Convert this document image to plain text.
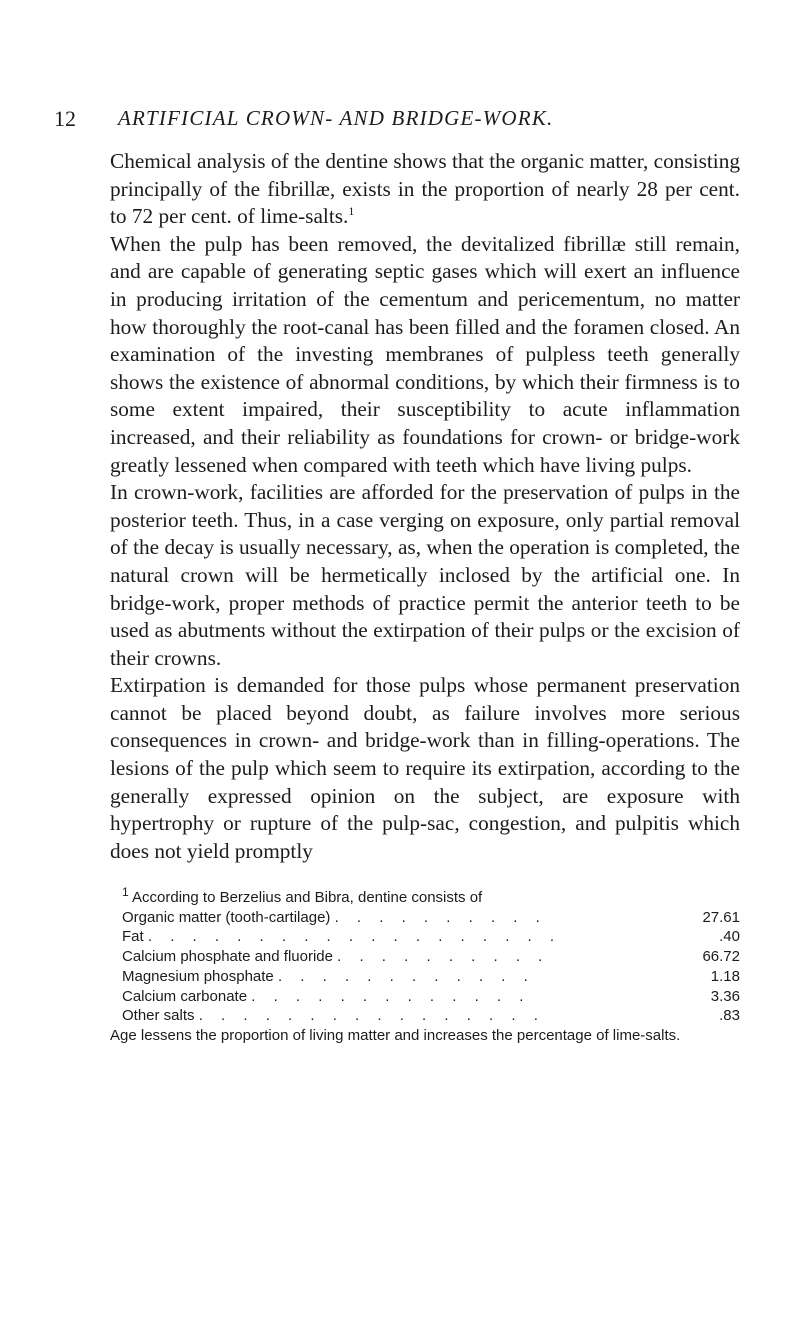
12 ARTIFICIAL CROWN- AND BRIDGE-WORK.

Chemical analysis of the dentine shows that the organic matter, consisting principally of the fibrillæ, exists in the proportion of nearly 28 per cent. to 72 per cent. of lime-salts.$^1$

When the pulp has been removed, the devitalized fibrillæ still remain, and are capable of generating septic gases which will exert an influence in producing irritation of the cementum and pericementum, no matter how thoroughly the root-canal has been filled and the foramen closed. An examination of the investing membranes of pulpless teeth generally shows the existence of abnormal conditions, by which their firmness is to some extent impaired, their susceptibility to acute inflammation increased, and their reliability as foundations for crown- or bridge-work greatly lessened when compared with teeth which have living pulps.

In crown-work, facilities are afforded for the preservation of pulps in the posterior teeth. Thus, in a case verging on exposure, only partial removal of the decay is usually necessary, as, when the operation is completed, the natural crown will be hermetically inclosed by the artificial one. In bridge-work, proper methods of practice permit the anterior teeth to be used as abutments without the extirpation of their pulps or the excision of their crowns.

Extirpation is demanded for those pulps whose permanent preservation cannot be placed beyond doubt, as failure involves more serious consequences in crown- and bridge-work than in filling-operations. The lesions of the pulp which seem to require its extirpation, according to the generally expressed opinion on the subject, are exposure with hypertrophy or rupture of the pulp-sac, congestion, and pulpitis which does not yield promptly

$^1$ According to Berzelius and Bibra, dentine consists of
Organic matter (tooth-cartilage) . . . . . . . . . .	27.61
Fat . . . . . . . . . . . . . . . . . . .	.40
Calcium phosphate and fluoride . . . . . . . . . .	66.72
Magnesium phosphate . . . . . . . . . . . .	1.18
Calcium carbonate . . . . . . . . . . . . .	3.36
Other salts . . . . . . . . . . . . . . . .	.83
Age lessens the proportion of living matter and increases the percentage of lime-salts.
